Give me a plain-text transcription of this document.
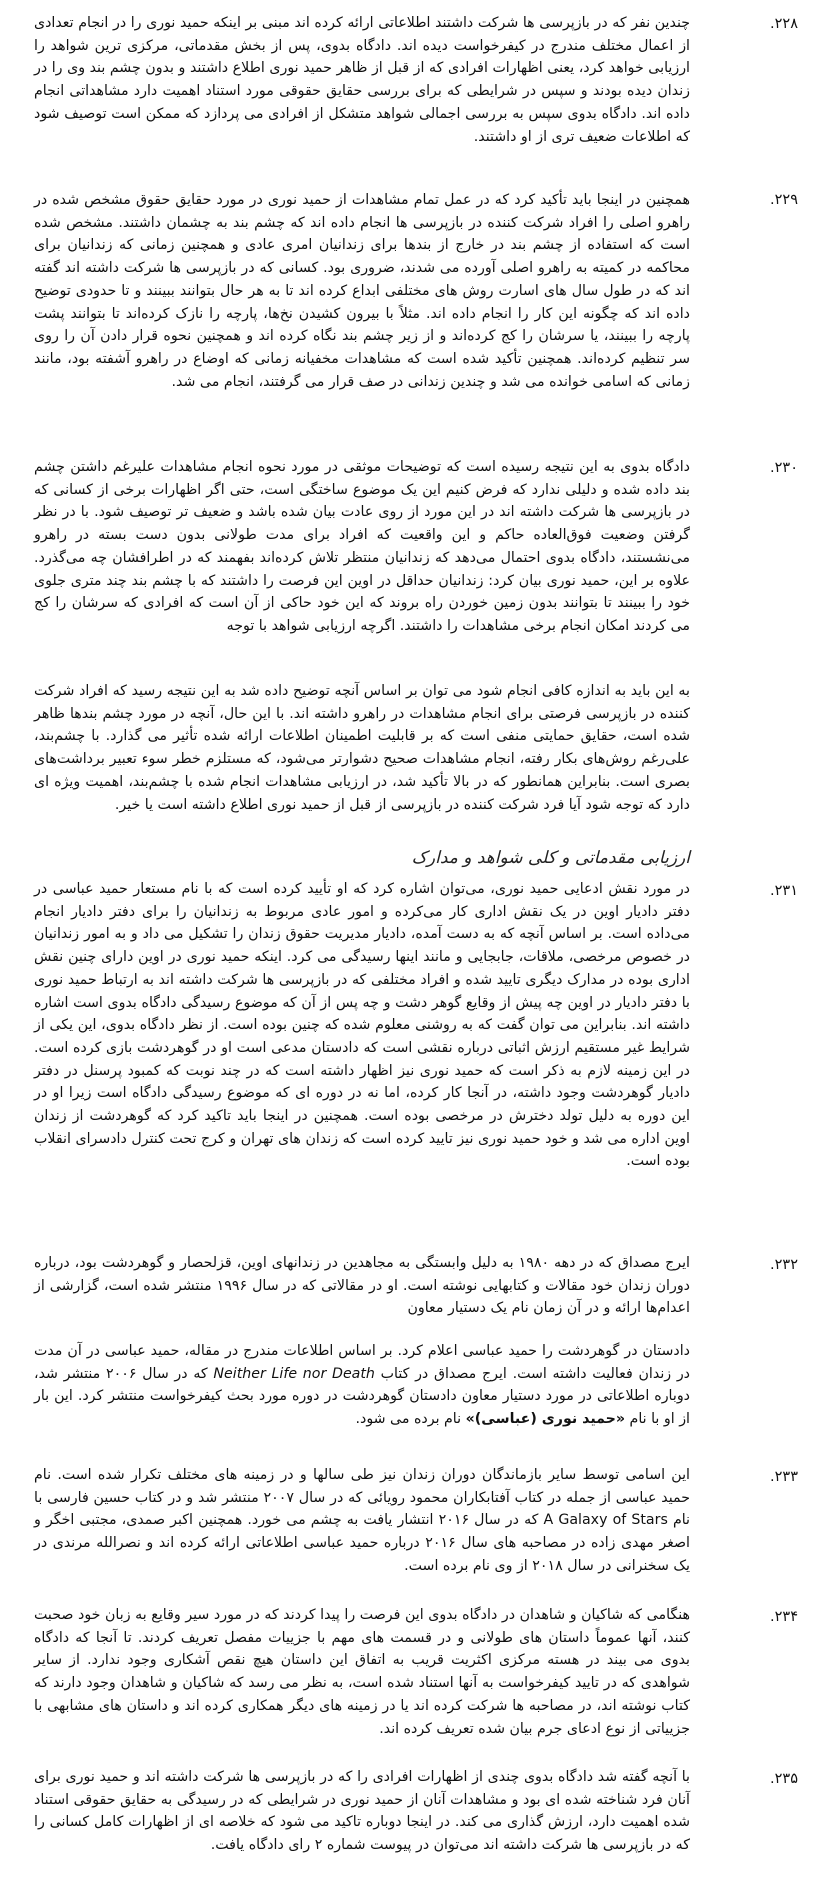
۲۲۸.
چندین نفر که در بازپرسی ها شرکت داشتند اطلاعاتی ارائه کرده اند مبنی بر اینکه حمید نوری را در انجام تعدادی از اعمال مختلف مندرج در کیفرخواست دیده اند. دادگاه بدوی، پس از بخش مقدماتی، مرکزی ترین شواهد را ارزیابی خواهد کرد، یعنی اظهارات افرادی که از قبل از ظاهر حمید نوری اطلاع داشتند و بدون چشم بند وی را در زندان دیده بودند و سپس در شرایطی که برای بررسی حقایق حقوقی مورد استناد اهمیت دارد مشاهداتی انجام داده اند. دادگاه بدوی سپس به بررسی اجمالی شواهد متشکل از افرادی می پردازد که ممکن است توصیف شود که اطلاعات ضعیف تری از او داشتند.
۲۲۹.
همچنین در اینجا باید تأکید کرد که در عمل تمام مشاهدات از حمید نوری در مورد حقایق حقوق مشخص شده در راهرو اصلی را افراد شرکت کننده در بازپرسی ها انجام داده اند که چشم بند به چشمان داشتند. مشخص شده است که استفاده از چشم بند در خارج از بندها برای زندانیان امری عادی و همچنین زمانی که زندانیان برای محاکمه در کمیته به راهرو اصلی آورده می شدند، ضروری بود. کسانی که در بازپرسی ها شرکت داشته اند گفته اند که در طول سال های اسارت روش های مختلفی ابداع کرده اند تا به هر حال بتوانند ببینند و تا حدودی توضیح داده اند که چگونه این کار را انجام داده اند. مثلاً با بیرون کشیدن نخ‌ها، پارچه را نازک کرده‌اند تا بتوانند پشت پارچه را ببینند، یا سرشان را کج کرده‌اند و از زیر چشم بند نگاه کرده اند و همچنین نحوه قرار دادن آن را روی سر تنظیم کرده‌اند. همچنین تأکید شده است که مشاهدات مخفیانه زمانی که اوضاع در راهرو آشفته بود، مانند زمانی که اسامی خوانده می شد و چندین زندانی در صف قرار می گرفتند، انجام می شد.
۲۳۰.
دادگاه بدوی به این نتیجه رسیده است که توضیحات موثقی در مورد نحوه انجام مشاهدات علیرغم داشتن چشم بند داده شده و دلیلی ندارد که فرض کنیم این یک موضوع ساختگی است، حتی اگر اظهارات برخی از کسانی که در بازپرسی ها شرکت داشته اند در این مورد از روی عادت بیان شده باشد و ضعیف تر توصیف شود. با در نظر گرفتن وضعیت فوق‌العاده حاکم و این واقعیت که افراد برای مدت طولانی بدون دست بسته در راهرو می‌نشستند، دادگاه بدوی احتمال می‌دهد که زندانیان منتظر تلاش کرده‌اند بفهمند که در اطرافشان چه می‌گذرد. علاوه بر این، حمید نوری بیان کرد: زندانیان حداقل در اوین این فرصت را داشتند که با چشم بند چند متری جلوی خود را ببینند تا بتوانند بدون زمین خوردن راه بروند که این خود حاکی از آن است که افرادی که سرشان را کج می کردند امکان انجام برخی مشاهدات را داشتند. اگرچه ارزیابی شواهد با توجه
به این باید به اندازه کافی انجام شود می توان بر اساس آنچه توضیح داده شد به این نتیجه رسید که افراد شرکت کننده در بازپرسی فرصتی برای انجام مشاهدات در راهرو داشته اند. با این حال، آنچه در مورد چشم بندها ظاهر شده است، حقایق حمایتی منفی است که بر قابلیت اطمینان اطلاعات ارائه شده تأثیر می گذارد. با چشم‌بند، علی‌رغم روش‌های بکار رفته، انجام مشاهدات صحیح دشوارتر می‌شود، که مستلزم خطر سوء تعبیر برداشت‌های بصری است. بنابراین همانطور که در بالا تأکید شد، در ارزیابی مشاهدات انجام شده با چشم‌بند، اهمیت ویژه ای دارد که توجه شود آیا فرد شرکت کننده در بازپرسی از قبل از حمید نوری اطلاع داشته است یا خیر.
ارزیابی مقدماتی و کلی شواهد و مدارک
۲۳۱.
در مورد نقش ادعایی حمید نوری، می‌توان اشاره کرد که او تأیید کرده است که با نام مستعار حمید عباسی در دفتر دادیار اوین در یک نقش اداری کار می‌کرده و امور عادی مربوط به زندانیان را برای دفتر دادیار انجام می‌داده است. بر اساس آنچه که به دست آمده، دادیار مدیریت حقوق زندان را تشکیل می داد و به امور زندانیان در خصوص مرخصی، ملاقات، جابجایی و مانند اینها رسیدگی می کرد. اینکه حمید نوری در اوین دارای چنین نقش اداری بوده در مدارک دیگری تایید شده و افراد مختلفی که در بازپرسی ها شرکت داشته اند به ارتباط حمید نوری با دفتر دادیار در اوین چه پیش از وقایع گوهر دشت و چه پس از آن که موضوع رسیدگی دادگاه بدوی است اشاره داشته اند. بنابراین می توان گفت که به روشنی معلوم شده که چنین بوده است. از نظر دادگاه بدوی، این یکی از شرایط غیر مستقیم ارزش اثباتی درباره نقشی است که دادستان مدعی است او در گوهردشت بازی کرده است. در این زمینه لازم به ذکر است که حمید نوری نیز اظهار داشته است که در چند نوبت که کمبود پرسنل در دفتر دادیار گوهردشت وجود داشته، در آنجا کار کرده، اما نه در دوره ای که موضوع رسیدگی دادگاه است زیرا او در این دوره به دلیل تولد دخترش در مرخصی بوده است. همچنین در اینجا باید تاکید کرد که گوهردشت از زندان اوین اداره می شد و خود حمید نوری نیز تایید کرده است که زندان های تهران و کرج تحت کنترل دادسرای انقلاب بوده است.
۲۳۲.
ایرج مصداق که در دهه ۱۹۸۰ به دلیل وابستگی به مجاهدین در زندانهای اوین، قزلحصار و گوهردشت بود، درباره دوران زندان خود مقالات و کتابهایی نوشته است. او در مقالاتی که در سال ۱۹۹۶ منتشر شده است، گزارشی از اعدام‌ها ارائه و در آن زمان نام یک دستیار معاون
دادستان در گوهردشت را حمید عباسی اعلام کرد. بر اساس اطلاعات مندرج در مقاله، حمید عباسی در آن مدت در زندان فعالیت داشته است. ایرج مصداق در کتاب Neither Life nor Death که در سال ۲۰۰۶ منتشر شد، دوباره اطلاعاتی در مورد دستیار معاون دادستان گوهردشت در دوره مورد بحث کیفرخواست منتشر کرد. این بار از او با نام «حمید نوری (عباسی)» نام برده می شود.
۲۳۳.
این اسامی توسط سایر بازماندگان دوران زندان نیز طی سالها و در زمینه های مختلف تکرار شده است. نام حمید عباسی از جمله در کتاب آفتابکاران محمود رویائی که در سال ۲۰۰۷ منتشر شد و در کتاب حسین فارسی با نام A Galaxy of Stars که در سال ۲۰۱۶ انتشار یافت به چشم می خورد. همچنین اکبر صمدی، مجتبی اخگر و اصغر مهدی زاده در مصاحبه های سال ۲۰۱۶ درباره حمید عباسی اطلاعاتی ارائه کرده اند و نصرالله مرندی در یک سخنرانی در سال ۲۰۱۸ از وی نام برده است.
۲۳۴.
هنگامی که شاکیان و شاهدان در دادگاه بدوی این فرصت را پیدا کردند که در مورد سیر وقایع به زبان خود صحبت کنند، آنها عموماً داستان های طولانی و در قسمت های مهم با جزییات مفصل تعریف کردند. تا آنجا که دادگاه بدوی می بیند در هسته مرکزی اکثریت قریب به اتفاق این داستان هیچ نقص آشکاری وجود ندارد. از سایر شواهدی که در تایید کیفرخواست به آنها استناد شده است، به نظر می رسد که شاکیان و شاهدان وجود دارند که کتاب نوشته اند، در مصاحبه ها شرکت کرده اند یا در زمینه های دیگر همکاری کرده اند و داستان های مشابهی با جزییاتی از نوع ادعای جرم بیان شده تعریف کرده اند.
۲۳۵.
با آنچه گفته شد دادگاه بدوی چندی از اظهارات افرادی را که در بازپرسی ها شرکت داشته اند و حمید نوری برای آنان فرد شناخته شده ای بود و مشاهدات آنان از حمید نوری در شرایطی که در رسیدگی به حقایق حقوقی استناد شده اهمیت دارد، ارزش گذاری می کند. در اینجا دوباره تاکید می شود که خلاصه ای از اظهارات کامل کسانی را که در بازپرسی ها شرکت داشته اند می‌توان در پیوست شماره ۲ رای دادگاه یافت.
